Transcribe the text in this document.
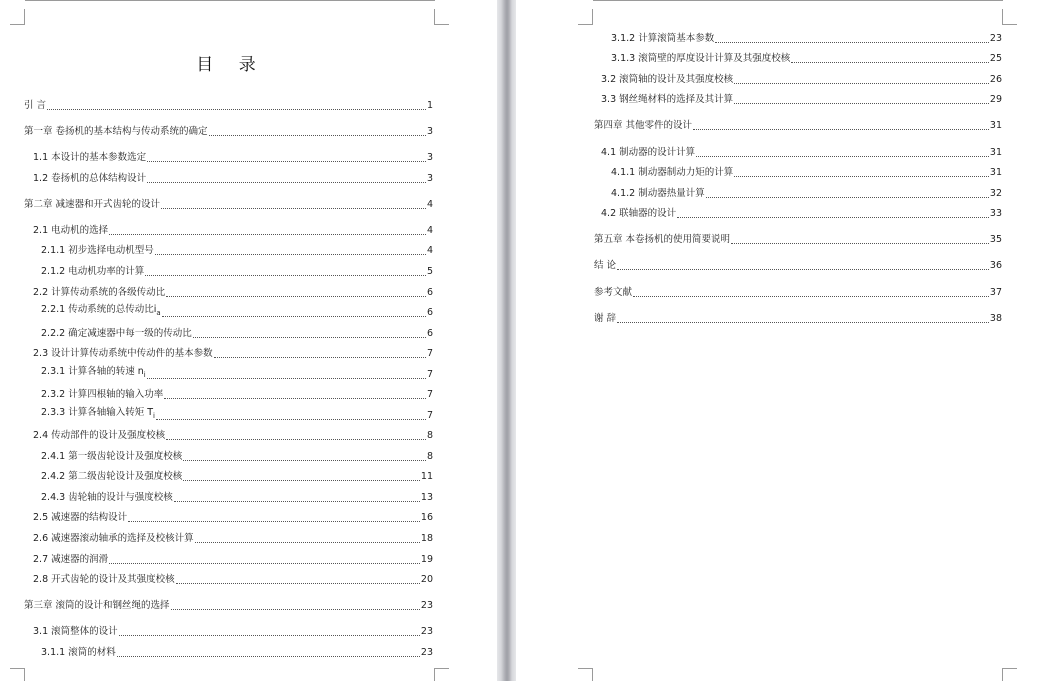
目 录
引 言	1
第一章 卷扬机的基本结构与传动系统的确定	3
1.1 本设计的基本参数选定	3
1.2 卷扬机的总体结构设计	3
第二章 减速器和开式齿轮的设计	4
2.1 电动机的选择	4
2.1.1 初步选择电动机型号	4
2.1.2 电动机功率的计算	5
2.2 计算传动系统的各级传动比	6
2.2.1 传动系统的总传动比$i_a$	6
2.2.2 确定减速器中每一级的传动比	6
2.3 设计计算传动系统中传动件的基本参数	7
2.3.1 计算各轴的转速 $n_i$	7
2.3.2 计算四根轴的输入功率	7
2.3.3 计算各轴输入转矩 $T_i$	7
2.4 传动部件的设计及强度校核	8
2.4.1 第一级齿轮设计及强度校核	8
2.4.2 第二级齿轮设计及强度校核	11
2.4.3 齿轮轴的设计与强度校核	13
2.5 减速器的结构设计	16
2.6 减速器滚动轴承的选择及校核计算	18
2.7 减速器的润滑	19
2.8 开式齿轮的设计及其强度校核	20
第三章 滚筒的设计和钢丝绳的选择	23
3.1 滚筒整体的设计	23
3.1.1 滚筒的材料	23
3.1.2 计算滚筒基本参数	23
3.1.3 滚筒壁的厚度设计计算及其强度校核	25
3.2 滚筒轴的设计及其强度校核	26
3.3 钢丝绳材料的选择及其计算	29
第四章 其他零件的设计	31
4.1 制动器的设计计算	31
4.1.1 制动器制动力矩的计算	31
4.1.2 制动器热量计算	32
4.2 联轴器的设计	33
第五章 本卷扬机的使用简要说明	35
结 论	36
参考文献	37
谢 辞	38
